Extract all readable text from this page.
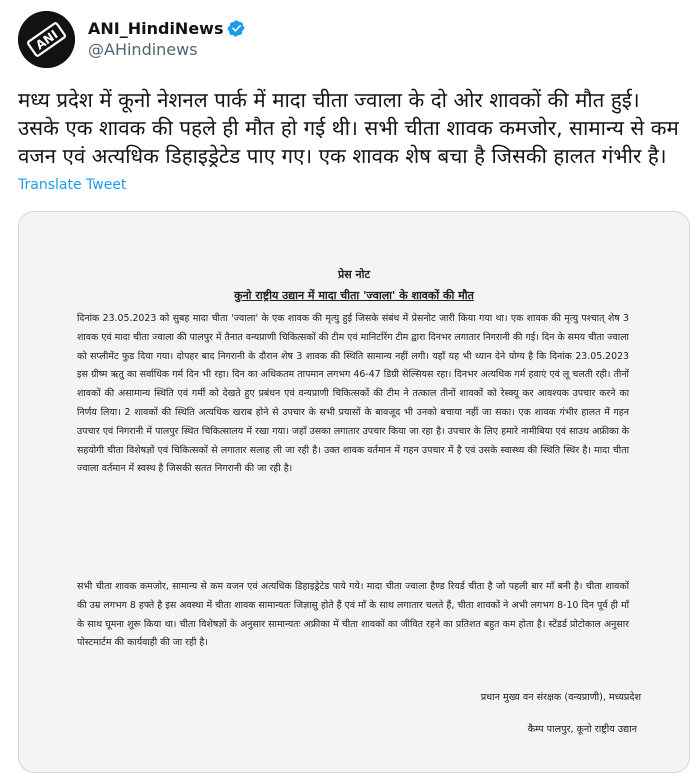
ANI ANI_HindiNews
@AHindinews
मध्य प्रदेश में कूनो नेशनल पार्क में मादा चीता ज्वाला के दो ओर शावकों की मौत हुई।
उसके एक शावक की पहले ही मौत हो गई थी। सभी चीता शावक कमजोर, सामान्य से कम
वजन एवं अत्यधिक डिहाइड्रेटेड पाए गए। एक शावक शेष बचा है जिसकी हालत गंभीर है।
Translate Tweet
प्रेस नोट
कुनो राष्ट्रीय उद्यान में मादा चीता 'ज्वाला' के शावकों की मौत
दिनांक 23.05.2023 को सुबह मादा चीता 'ज्वाला' के एक शावक की मृत्यु हुई जिसके संबंध में प्रेसनोट जारी किया गया था। एक शावक की मृत्यु पश्चात् शेष 3 शावक एवं मादा चीता ज्वाला की पालपुर में तैनात वन्यप्राणी चिकित्सकों की टीम एवं मानिटरिंग टीम द्वारा दिनभर लगातार निगरानी की गई। दिन के समय चीता ज्वाला को सप्लीमेंट फुड दिया गया। दोपहर बाद निगरानी के दौरान शेष 3 शावक की स्थिति सामान्य नहीं लगी। यहाँ यह भी ध्यान देने योग्य है कि दिनांक 23.05.2023 इस ग्रीष्म ऋतु का सर्वाधिक गर्म दिन भी रहा। दिन का अधिकतम तापमान लगभग 46-47 डिग्री सेल्सियस रहा। दिनभर अत्यधिक गर्म हवाएं एवं लू चलती रही। तीनों शावकों की असामान्य स्थिति एवं गर्मी को देखते हुए प्रबंधन एवं वन्यप्राणी चिकित्सकों की टीम ने तत्काल तीनों शावकों को रेस्क्यू कर आवश्यक उपचार करने का निर्णय लिया। 2 शावकों की स्थिति अत्यधिक खराब होने से उपचार के सभी प्रयासों के बावजूद भी उनको बचाया नहीं जा सका। एक शावक गंभीर हालत में गहन उपचार एवं निगरानी में पालपुर स्थित चिकित्सालय में रखा गया। जहाँ उसका लगातार उपचार किया जा रहा है। उपचार के लिए हमारे नामीबिया एवं साउथ अफ्रीका के सहयोगी चीता विशेषज्ञों एवं चिकित्सकों से लगातार सलाह ली जा रही है। उक्त शावक वर्तमान में गहन उपचार में है एवं उसके स्वास्थ्य की स्थिति स्थिर है। मादा चीता ज्वाला वर्तमान में स्वस्थ है जिसकी सतत निगरानी की जा रही है।
सभी चीता शावक कमजोर, सामान्य से कम वजन एवं अत्यधिक डिहाइड्रेटेड पाये गये। मादा चीता ज्वाला हैण्ड रियर्ड चीता है जो पहली बार माँ बनी है। चीता शावकों की उम्र लगभग 8 हफ्ते है इस अवस्था में चीता शावक सामान्यतः जिज्ञासु होते हैं एवं माँ के साथ लगातार चलते हैं, चीता शावकों ने अभी लगभग 8-10 दिन पूर्व ही माँ के साथ घूमना शुरू किया था। चीता विशेषज्ञों के अनुसार सामान्यतः अफ्रीका में चीता शावकों का जीवित रहने का प्रतिशत बहुत कम होता है। स्टेंडर्ड प्रोटोकाल अनुसार पोस्टमार्टम की कार्यवाही की जा रही है।
प्रधान मुख्य वन संरक्षक (वन्यप्राणी), मध्यप्रदेश
कैम्प पालपुर, कूनो राष्ट्रीय उद्यान
